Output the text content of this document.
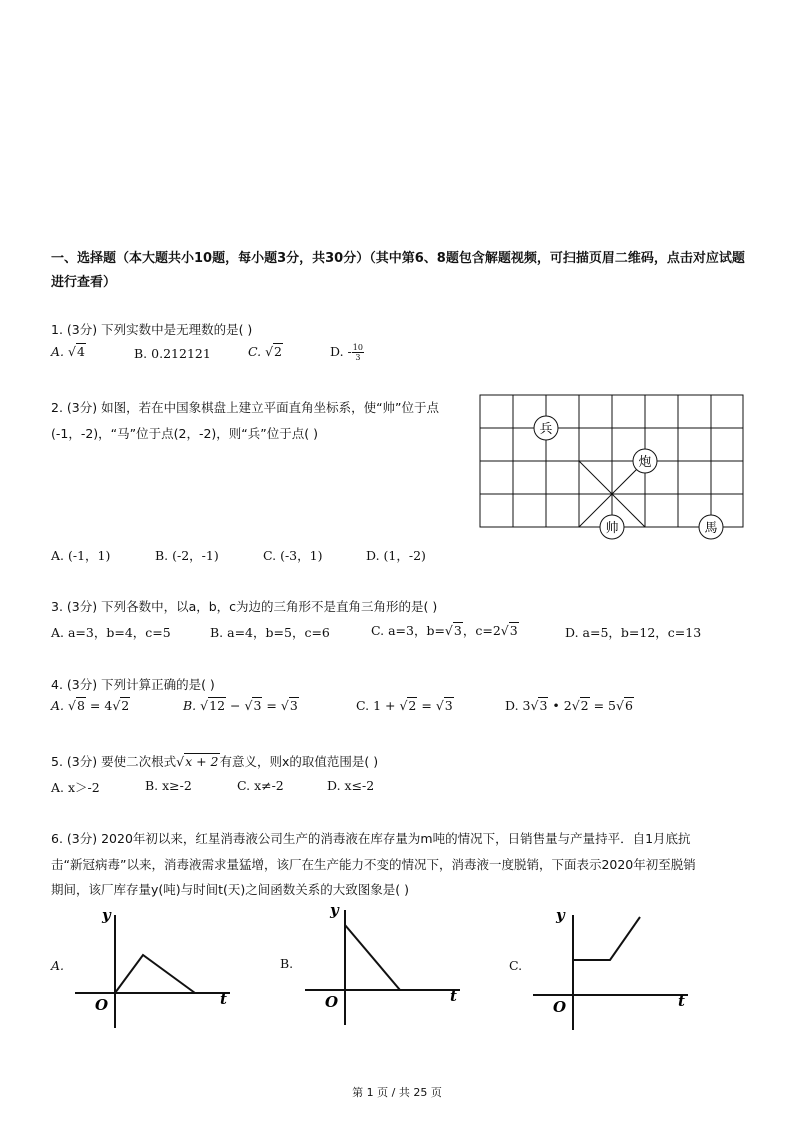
一、选择题（本大题共小10题，每小题3分，共30分）（其中第6、8题包含解题视频，可扫描页眉二维码，点击对应试题进行查看）
1. (3分) 下列实数中是无理数的是( )
A. √4	B. 0.212121	C. √2	D. - $\frac{10}{3}$
2. (3分) 如图，若在中国象棋盘上建立平面直角坐标系，使“帅”位于点
(-1，-2)，“马”位于点(2，-2)，则“兵”位于点( )	兵
炮
帅	馬
A. (-1，1)	B. (-2，-1)	C. (-3，1)	D. (1，-2)
3. (3分) 下列各数中，以a，b，c为边的三角形不是直角三角形的是( )
A. a=3，b=4，c=5	B. a=4，b=5，c=6	C. a=3，b=√3，c=2√3	D. a=5，b=12，c=13
4. (3分) 下列计算正确的是( )
A. √8 = 4√2	B. √12 − √3 = √3	C. 1 + √2 = √3	D. 3√3 • 2√2 = 5√6
5. (3分) 要使二次根式√x + 2有意义，则x的取值范围是( )
A. x＞-2	B. x≥-2	C. x≠-2	D. x≤-2
6. (3分) 2020年初以来，红星消毒液公司生产的消毒液在库存量为m吨的情况下，日销售量与产量持平．自1月底抗
击“新冠病毒”以来，消毒液需求量猛增，该厂在生产能力不变的情况下，消毒液一度脱销，下面表示2020年初至脱销
期间，该厂库存量y(吨)与时间t(天)之间函数关系的大致图象是( )
A.
y
t
O
B.
y
t
O
C.
y
t
O
第 1 页 / 共 25 页
